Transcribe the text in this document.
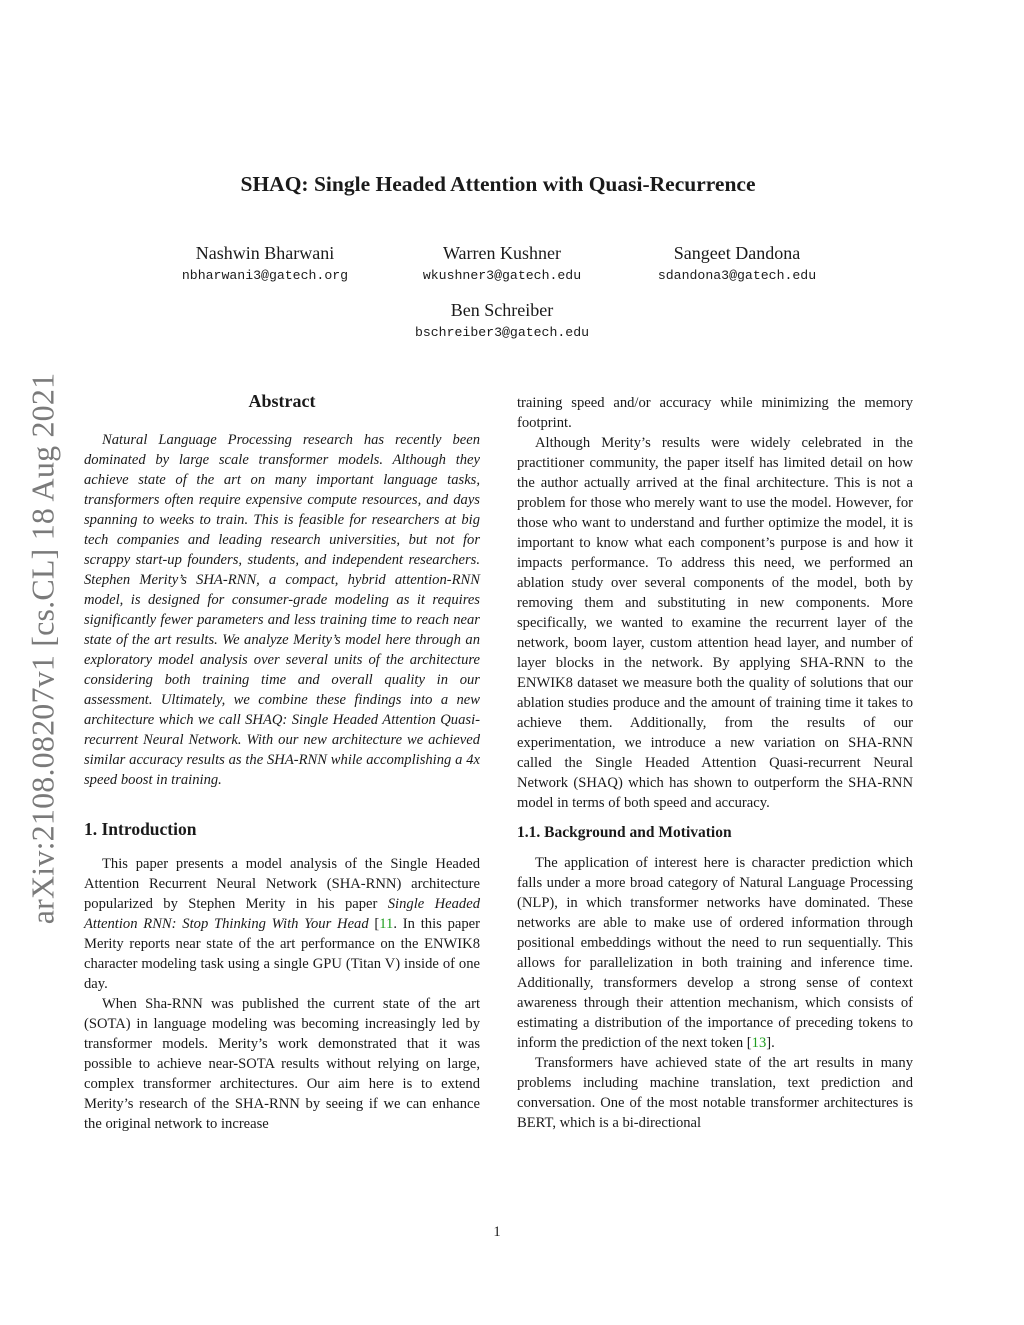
arXiv:2108.08207v1 [cs.CL] 18 Aug 2021
SHAQ: Single Headed Attention with Quasi-Recurrence
Nashwin Bharwani
nbharwani3@gatech.org
Warren Kushner
wkushner3@gatech.edu
Sangeet Dandona
sdandona3@gatech.edu
Ben Schreiber
bschreiber3@gatech.edu
Abstract

Natural Language Processing research has recently been dominated by large scale transformer models. Although they achieve state of the art on many important language tasks, transformers often require expensive compute resources, and days spanning to weeks to train. This is feasible for researchers at big tech companies and leading research universities, but not for scrappy start-up founders, students, and independent researchers. Stephen Merity’s SHA-RNN, a compact, hybrid attention-RNN model, is designed for consumer-grade modeling as it requires significantly fewer parameters and less training time to reach near state of the art results. We analyze Merity’s model here through an exploratory model analysis over several units of the architecture considering both training time and overall quality in our assessment. Ultimately, we combine these findings into a new architecture which we call SHAQ: Single Headed Attention Quasi-recurrent Neural Network. With our new architecture we achieved similar accuracy results as the SHA-RNN while accomplishing a 4x speed boost in training.

1. Introduction

This paper presents a model analysis of the Single Headed Attention Recurrent Neural Network (SHA-RNN) architecture popularized by Stephen Merity in his paper Single Headed Attention RNN: Stop Thinking With Your Head [11. In this paper Merity reports near state of the art performance on the ENWIK8 character modeling task using a single GPU (Titan V) inside of one day.

When Sha-RNN was published the current state of the art (SOTA) in language modeling was becoming increasingly led by transformer models. Merity’s work demonstrated that it was possible to achieve near-SOTA results without relying on large, complex transformer architectures. Our aim here is to extend Merity’s research of the SHA-RNN by seeing if we can enhance the original network to increase

training speed and/or accuracy while minimizing the memory footprint.

Although Merity’s results were widely celebrated in the practitioner community, the paper itself has limited detail on how the author actually arrived at the final architecture. This is not a problem for those who merely want to use the model. However, for those who want to understand and further optimize the model, it is important to know what each component’s purpose is and how it impacts performance. To address this need, we performed an ablation study over several components of the model, both by removing them and substituting in new components. More specifically, we wanted to examine the recurrent layer of the network, boom layer, custom attention head layer, and number of layer blocks in the network. By applying SHA-RNN to the ENWIK8 dataset we measure both the quality of solutions that our ablation studies produce and the amount of training time it takes to achieve them. Additionally, from the results of our experimentation, we introduce a new variation on SHA-RNN called the Single Headed Attention Quasi-recurrent Neural Network (SHAQ) which has shown to outperform the SHA-RNN model in terms of both speed and accuracy.

1.1. Background and Motivation

The application of interest here is character prediction which falls under a more broad category of Natural Language Processing (NLP), in which transformer networks have dominated. These networks are able to make use of ordered information through positional embeddings without the need to run sequentially. This allows for parallelization in both training and inference time. Additionally, transformers develop a strong sense of context awareness through their attention mechanism, which consists of estimating a distribution of the importance of preceding tokens to inform the prediction of the next token [13].

Transformers have achieved state of the art results in many problems including machine translation, text prediction and conversation. One of the most notable transformer architectures is BERT, which is a bi-directional

1
